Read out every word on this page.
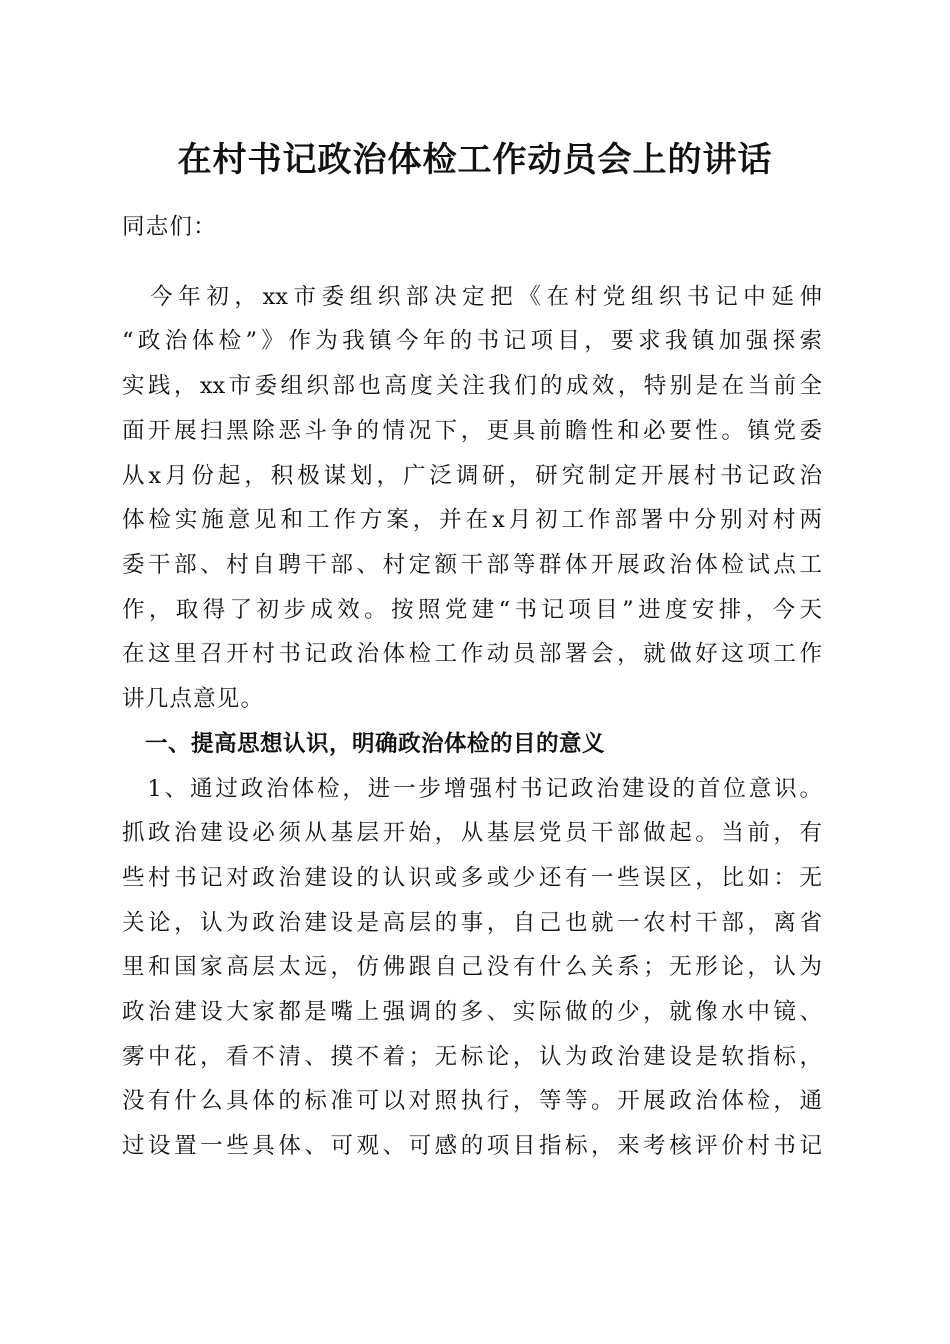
在村书记政治体检工作动员会上的讲话
同志们：
　今年初，xx市委组织部决定把《在村党组织书记中延伸
“政治体检”》作为我镇今年的书记项目，要求我镇加强探索
实践，xx市委组织部也高度关注我们的成效，特别是在当前全
面开展扫黑除恶斗争的情况下，更具前瞻性和必要性。镇党委
从x月份起，积极谋划，广泛调研，研究制定开展村书记政治
体检实施意见和工作方案，并在x月初工作部署中分别对村两
委干部、村自聘干部、村定额干部等群体开展政治体检试点工
作，取得了初步成效。按照党建“书记项目”进度安排，今天
在这里召开村书记政治体检工作动员部署会，就做好这项工作
讲几点意见。
　一、提高思想认识，明确政治体检的目的意义
　1、通过政治体检，进一步增强村书记政治建设的首位意识。
抓政治建设必须从基层开始，从基层党员干部做起。当前，有
些村书记对政治建设的认识或多或少还有一些误区，比如：无
关论，认为政治建设是高层的事，自己也就一农村干部，离省
里和国家高层太远，仿佛跟自己没有什么关系；无形论，认为
政治建设大家都是嘴上强调的多、实际做的少，就像水中镜、
雾中花，看不清、摸不着；无标论，认为政治建设是软指标，
没有什么具体的标准可以对照执行，等等。开展政治体检，通
过设置一些具体、可观、可感的项目指标，来考核评价村书记
